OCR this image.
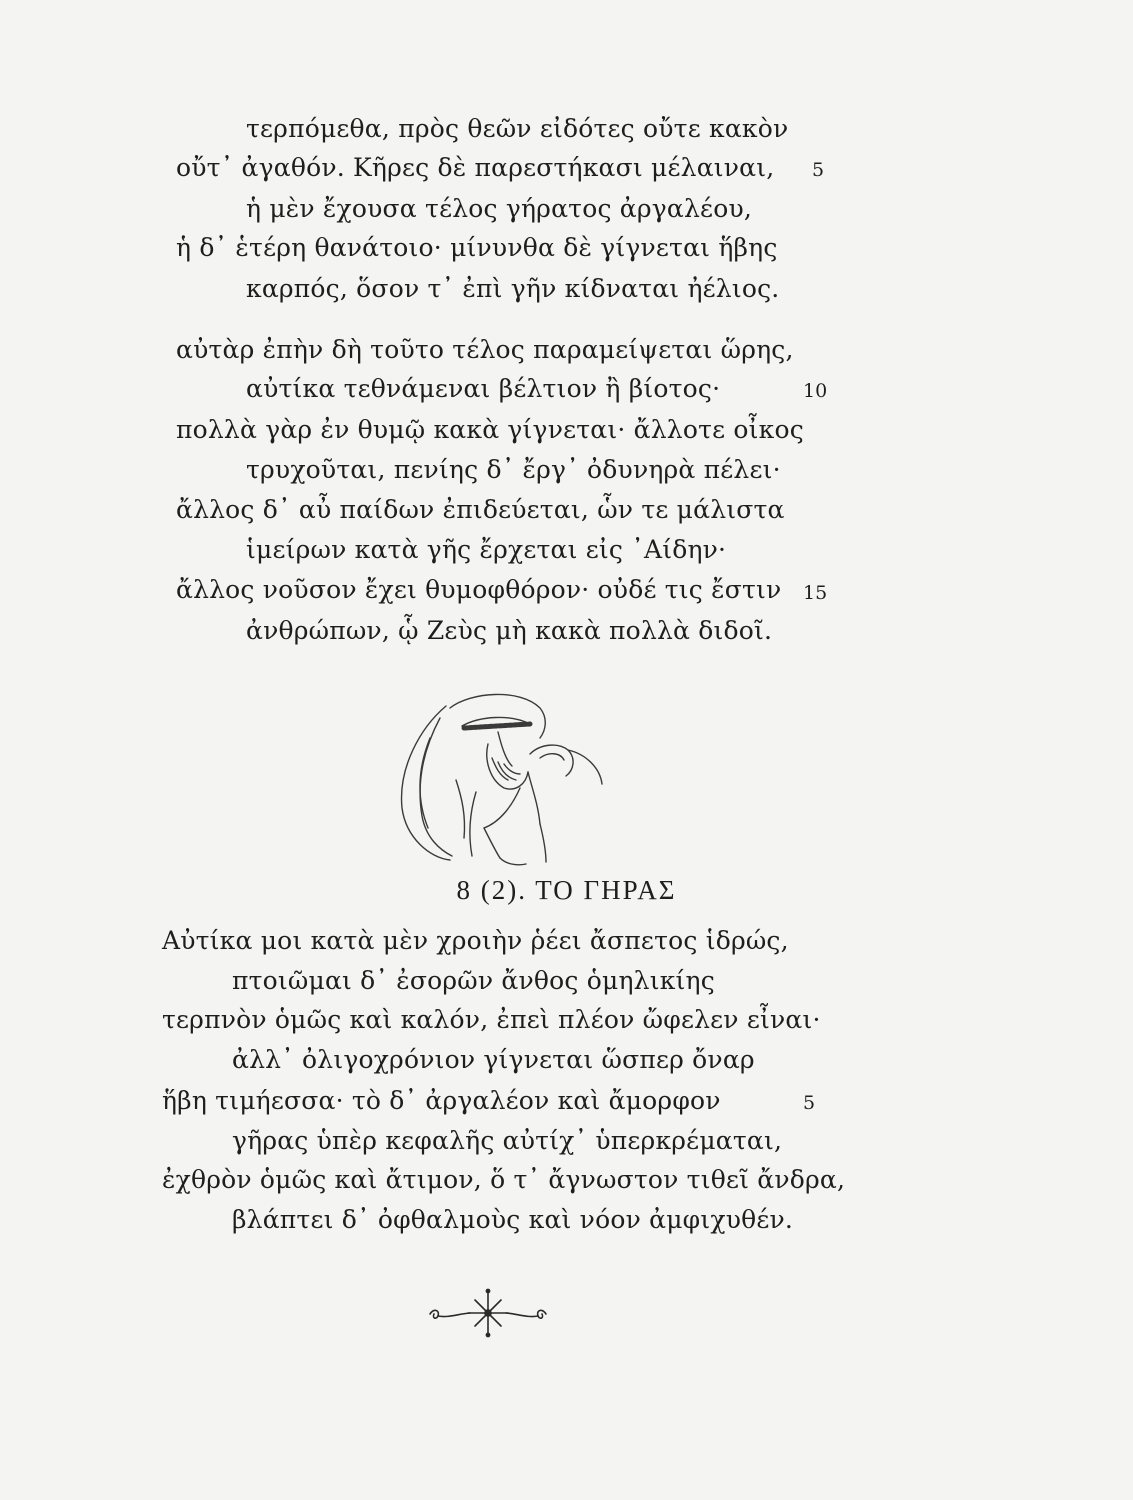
τερπόμεθα, πρὸς θεῶν εἰδότες οὔτε κακὸν
οὔτ᾽ ἀγαθόν. Κῆρες δὲ παρεστήκασι μέλαιναι, 5
ἡ μὲν ἔχουσα τέλος γήρατος ἀργαλέου,
ἡ δ᾽ ἑτέρη θανάτοιο· μίνυνθα δὲ γίγνεται ἥβης
καρπός, ὅσον τ᾽ ἐπὶ γῆν κίδναται ἠέλιος.
αὐτὰρ ἐπὴν δὴ τοῦτο τέλος παραμείψεται ὥρης,
αὐτίκα τεθνάμεναι βέλτιον ἢ βίοτος·	10
πολλὰ γὰρ ἐν θυμῷ κακὰ γίγνεται· ἄλλοτε οἶκος
τρυχοῦται, πενίης δ᾽ ἔργ᾽ ὀδυνηρὰ πέλει·
ἄλλος δ᾽ αὖ παίδων ἐπιδεύεται, ὧν τε μάλιστα
ἱμείρων κατὰ γῆς ἔρχεται εἰς ᾿Αίδην·
ἄλλος νοῦσον ἔχει θυμοφθόρον· οὐδέ τις ἔστιν 15
ἀνθρώπων, ᾧ Ζεὺς μὴ κακὰ πολλὰ διδοῖ.
8 (2). ΤΟ ΓΗΡΑΣ
Αὐτίκα μοι κατὰ μὲν χροιὴν ῥέει ἄσπετος ἱδρώς,
πτοιῶμαι δ᾽ ἐσορῶν ἄνθος ὁμηλικίης
τερπνὸν ὁμῶς καὶ καλόν, ἐπεὶ πλέον ὤφελεν εἶναι·
ἀλλ᾽ ὀλιγοχρόνιον γίγνεται ὥσπερ ὄναρ
ἥβη τιμήεσσα· τὸ δ᾽ ἀργαλέον καὶ ἄμορφον	5
γῆρας ὑπὲρ κεφαλῆς αὐτίχ᾽ ὑπερκρέμαται,
ἐχθρὸν ὁμῶς καὶ ἄτιμον, ὅ τ᾽ ἄγνωστον τιθεῖ ἄνδρα,
βλάπτει δ᾽ ὀφθαλμοὺς καὶ νόον ἀμφιχυθέν.
